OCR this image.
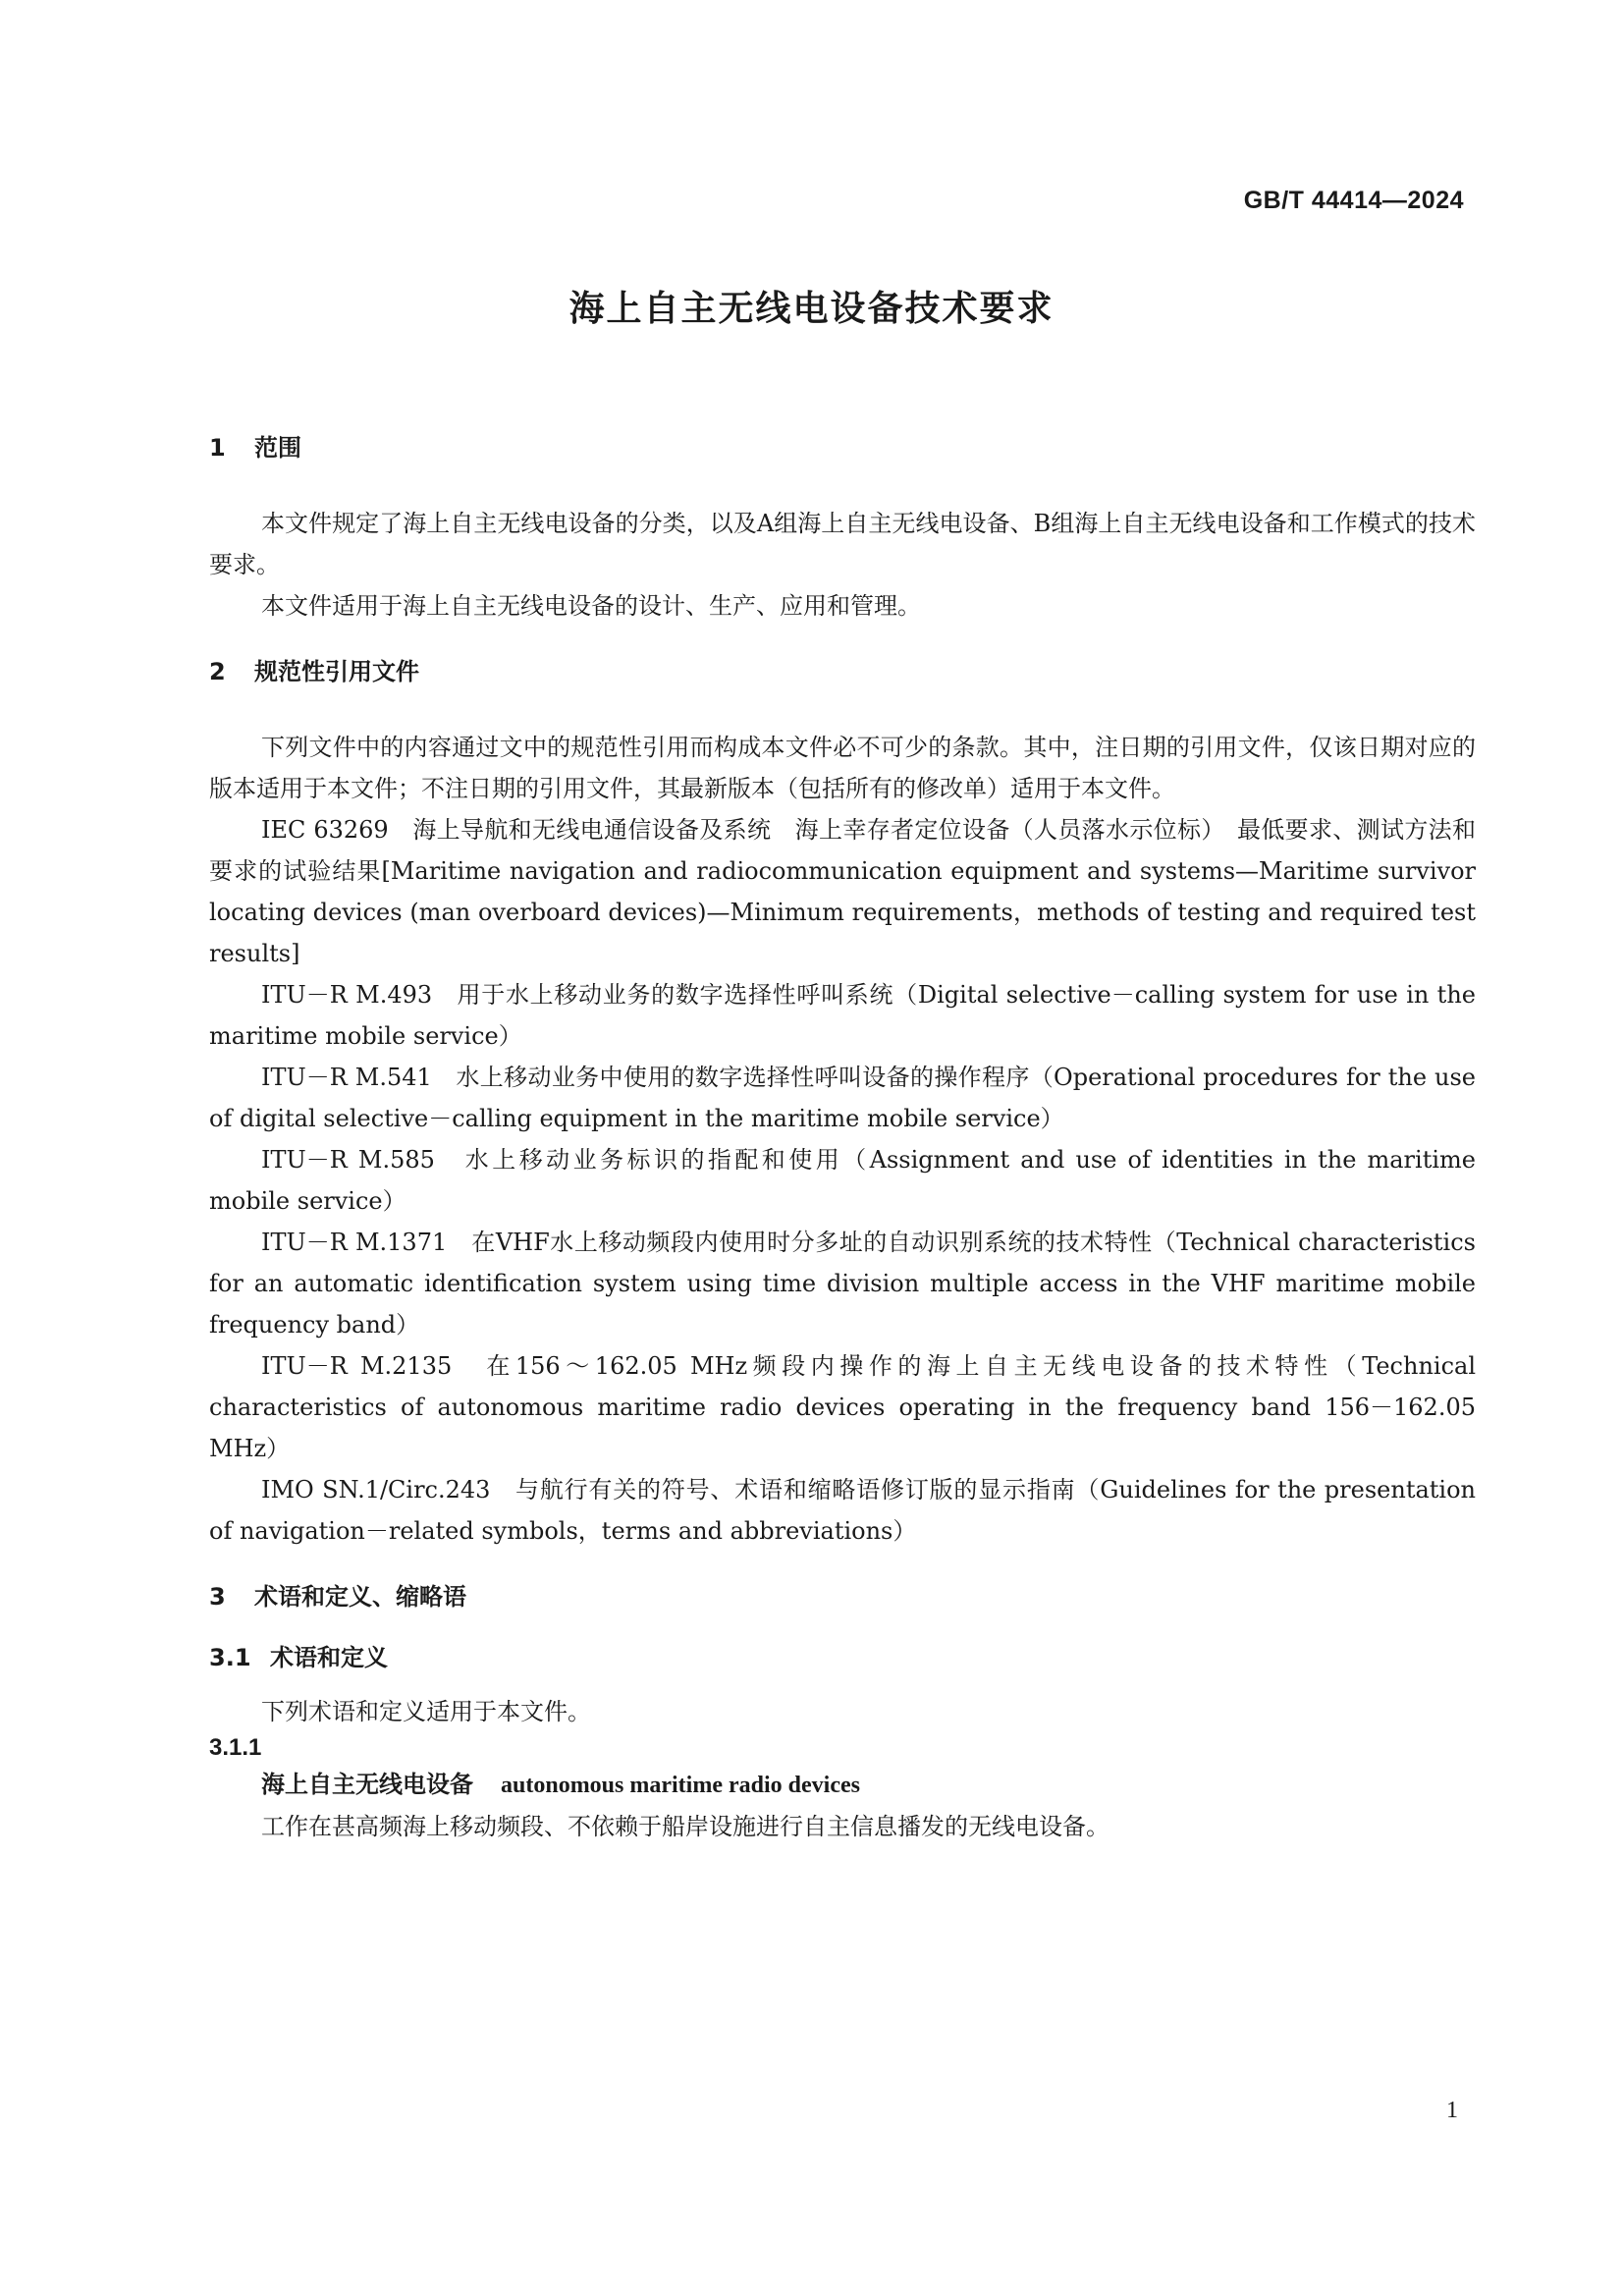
GB/T 44414—2024
海上自主无线电设备技术要求
1 范围

本文件规定了海上自主无线电设备的分类，以及A组海上自主无线电设备、B组海上自主无线电设备和工作模式的技术要求。

本文件适用于海上自主无线电设备的设计、生产、应用和管理。

2 规范性引用文件

下列文件中的内容通过文中的规范性引用而构成本文件必不可少的条款。其中，注日期的引用文件，仅该日期对应的版本适用于本文件；不注日期的引用文件，其最新版本（包括所有的修改单）适用于本文件。

IEC 63269　海上导航和无线电通信设备及系统　海上幸存者定位设备（人员落水示位标）　最低要求、测试方法和要求的试验结果[Maritime navigation and radiocommunication equipment and systems—Maritime survivor locating devices (man overboard devices)—Minimum requirements，methods of testing and required test results]

ITU－R M.493　用于水上移动业务的数字选择性呼叫系统（Digital selective－calling system for use in the maritime mobile service）

ITU－R M.541　水上移动业务中使用的数字选择性呼叫设备的操作程序（Operational procedures for the use of digital selective－calling equipment in the maritime mobile service）

ITU－R M.585　水上移动业务标识的指配和使用（Assignment and use of identities in the maritime mobile service）

ITU－R M.1371　在VHF水上移动频段内使用时分多址的自动识别系统的技术特性（Technical characteristics for an automatic identification system using time division multiple access in the VHF maritime mobile frequency band）

ITU－R M.2135　在156～162.05 MHz频段内操作的海上自主无线电设备的技术特性（Technical characteristics of autonomous maritime radio devices operating in the frequency band 156－162.05 MHz）

IMO SN.1/Circ.243　与航行有关的符号、术语和缩略语修订版的显示指南（Guidelines for the presentation of navigation－related symbols，terms and abbreviations）

3 术语和定义、缩略语
3.1 术语和定义

下列术语和定义适用于本文件。

3.1.1
海上自主无线电设备 autonomous maritime radio devices

工作在甚高频海上移动频段、不依赖于船岸设施进行自主信息播发的无线电设备。

1
